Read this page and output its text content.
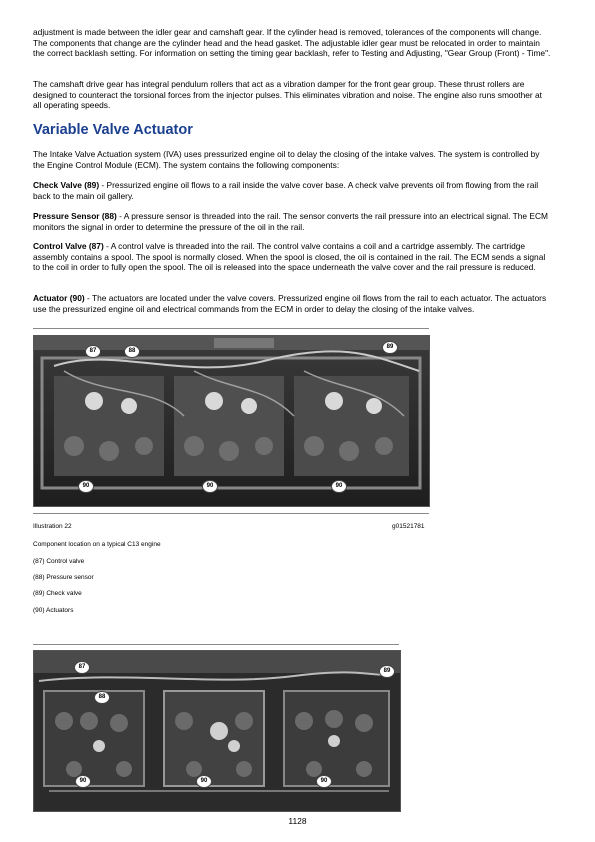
adjustment is made between the idler gear and camshaft gear. If the cylinder head is removed, tolerances of the components will change. The components that change are the cylinder head and the head gasket. The adjustable idler gear must be relocated in order to maintain the correct backlash setting. For information on setting the timing gear backlash, refer to Testing and Adjusting, "Gear Group (Front) - Time".

The camshaft drive gear has integral pendulum rollers that act as a vibration damper for the front gear group. These thrust rollers are designed to counteract the torsional forces from the injector pulses. This eliminates vibration and noise. The engine also runs smoother at all operating speeds.

Variable Valve Actuator

The Intake Valve Actuation system (IVA) uses pressurized engine oil to delay the closing of the intake valves. The system is controlled by the Engine Control Module (ECM). The system contains the following components:

Check Valve (89) - Pressurized engine oil flows to a rail inside the valve cover base. A check valve prevents oil from flowing from the rail back to the main oil gallery.

Pressure Sensor (88) - A pressure sensor is threaded into the rail. The sensor converts the rail pressure into an electrical signal. The ECM monitors the signal in order to determine the pressure of the oil in the rail.

Control Valve (87) - A control valve is threaded into the rail. The control valve contains a coil and a cartridge assembly. The cartridge assembly contains a spool. The spool is normally closed. When the spool is closed, the oil is contained in the rail. The ECM sends a signal to the coil in order to fully open the spool. The oil is released into the space underneath the valve cover and the rail pressure is reduced.

Actuator (90) - The actuators are located under the valve covers. Pressurized engine oil flows from the rail to each actuator. The actuators use the pressurized engine oil and electrical commands from the ECM in order to delay the closing of the intake valves.

87	88
89
90	90	90

Illustration 22	g01521781

Component location on a typical C13 engine

(87) Control valve

(88) Pressure sensor

(89) Check valve

(90) Actuators

87
88
89
90	90	90
1128
